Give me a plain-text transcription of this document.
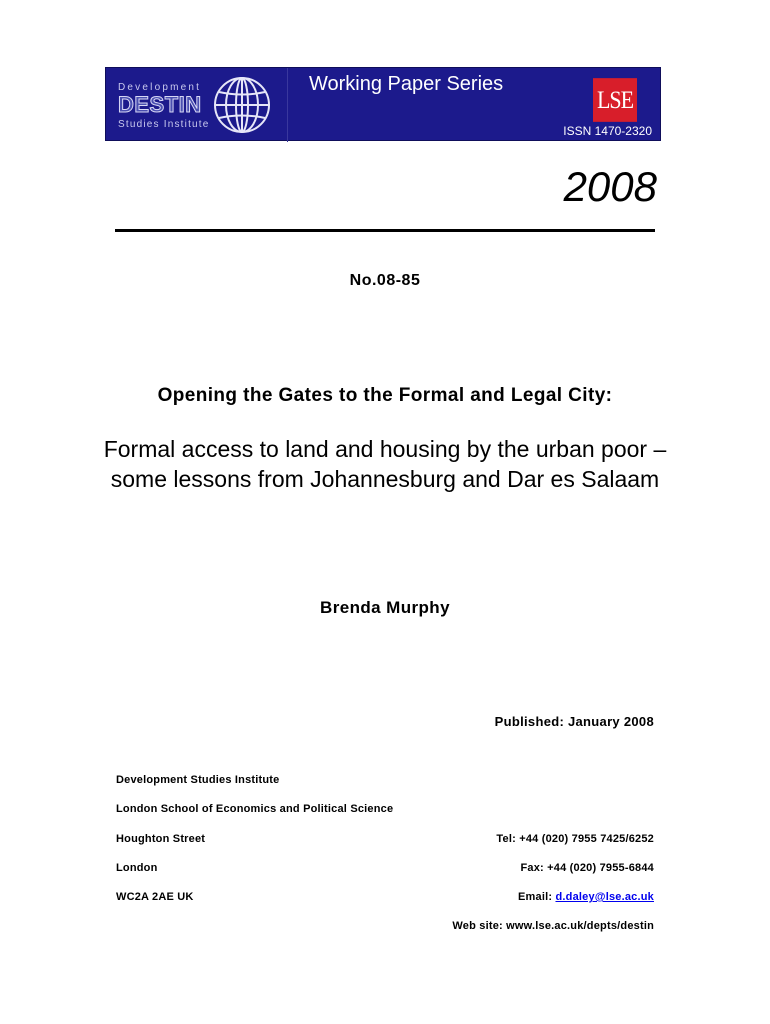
Development
DESTIN
Studies Institute
Working Paper Series
LSE
ISSN 1470-2320
2008
No.08-85
Opening the Gates to the Formal and Legal City:
Formal access to land and housing by the urban poor – some lessons from Johannesburg and Dar es Salaam
Brenda Murphy
Published: January 2008
Development Studies Institute
London School of Economics and Political Science
Houghton Street
London
WC2A 2AE UK
Tel: +44 (020) 7955 7425/6252
Fax: +44 (020) 7955-6844
Email: d.daley@lse.ac.uk
Web site: www.lse.ac.uk/depts/destin
